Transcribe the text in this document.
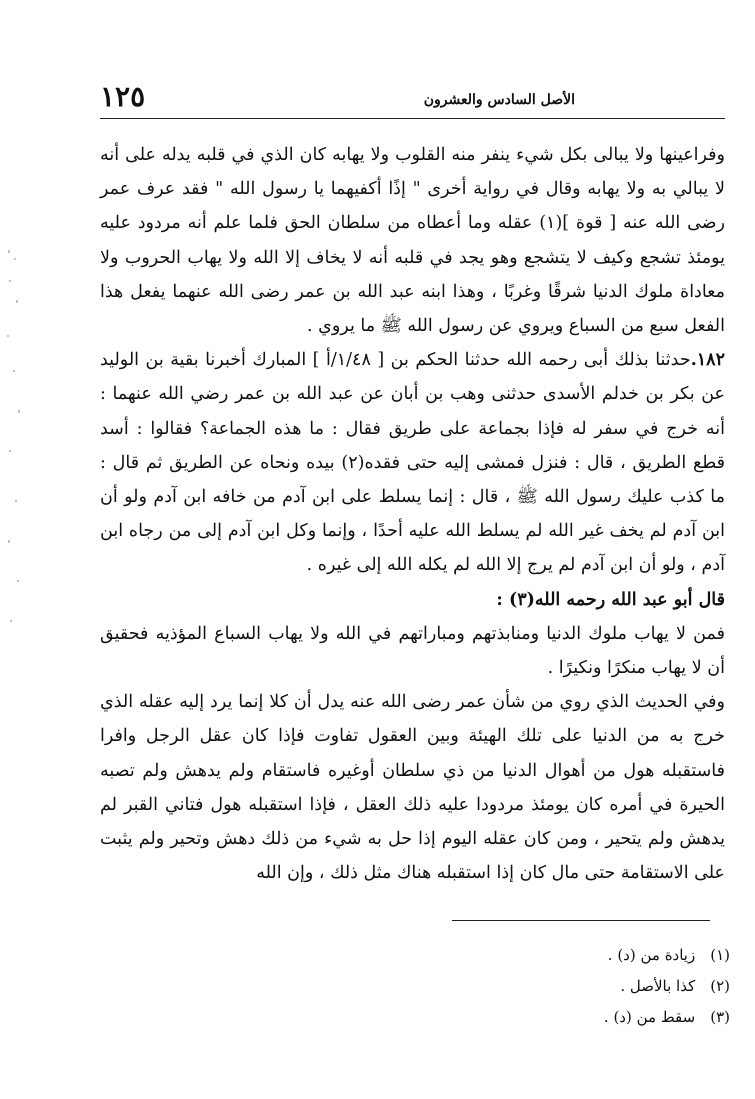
الأصل السادس والعشرون
١٢٥

وفراعينها ولا يبالى بكل شيء ينفر منه القلوب ولا يهابه كان الذي في قلبه يدله على أنه لا يبالي به ولا يهابه وقال في رواية أخرى " إذًا أكفيهما يا رسول الله " فقد عرف عمر رضى الله عنه [ قوة ](١) عقله وما أعطاه من سلطان الحق فلما علم أنه مردود عليه يومئذ تشجع وكيف لا يتشجع وهو يجد في قلبه أنه لا يخاف إلا الله ولا يهاب الحروب ولا معاداة ملوك الدنيا شرقًا وغربًا ، وهذا ابنه عبد الله بن عمر رضى الله عنهما يفعل هذا الفعل سبع من السباع ويروي عن رسول الله ﷺ ما يروي .

١٨٢.حدثنا بذلك أبى رحمه الله حدثنا الحكم بن [ ١/٤٨/أ ] المبارك أخبرنا بقية بن الوليد عن بكر بن خدلم الأسدى حدثنى وهب بن أبان عن عبد الله بن عمر رضي الله عنهما : أنه خرج في سفر له فإذا بجماعة على طريق فقال : ما هذه الجماعة؟ فقالوا : أسد قطع الطريق ، قال : فنزل فمشى إليه حتى فقده(٢) بيده ونحاه عن الطريق ثم قال : ما كذب عليك رسول الله ﷺ ، قال : إنما يسلط على ابن آدم من خافه ابن آدم ولو أن ابن آدم لم يخف غير الله لم يسلط الله عليه أحدًا ، وإنما وكل ابن آدم إلى من رجاه ابن آدم ، ولو أن ابن آدم لم يرج إلا الله لم يكله الله إلى غيره .

قال أبو عبد الله رحمه الله(٣) :

فمن لا يهاب ملوك الدنيا ومنابذتهم ومباراتهم في الله ولا يهاب السباع المؤذيه فحقيق أن لا يهاب منكرًا ونكيرًا .

وفي الحديث الذي روي من شأن عمر رضى الله عنه يدل أن كلا إنما يرد إليه عقله الذي خرج به من الدنيا على تلك الهيئة وبين العقول تفاوت فإذا كان عقل الرجل وافرا فاستقبله هول من أهوال الدنيا من ذي سلطان أوغيره فاستقام ولم يدهش ولم تصبه الحيرة في أمره كان يومئذ مردودا عليه ذلك العقل ، فإذا استقبله هول فتاني القبر لم يدهش ولم يتحير ، ومن كان عقله اليوم إذا حل به شيء من ذلك دهش وتحير ولم يثبت على الاستقامة حتى مال كان إذا استقبله هناك مثل ذلك ، وإن الله

(١) زيادة من (د) .
(٢) كذا بالأصل .
(٣) سقط من (د) .
